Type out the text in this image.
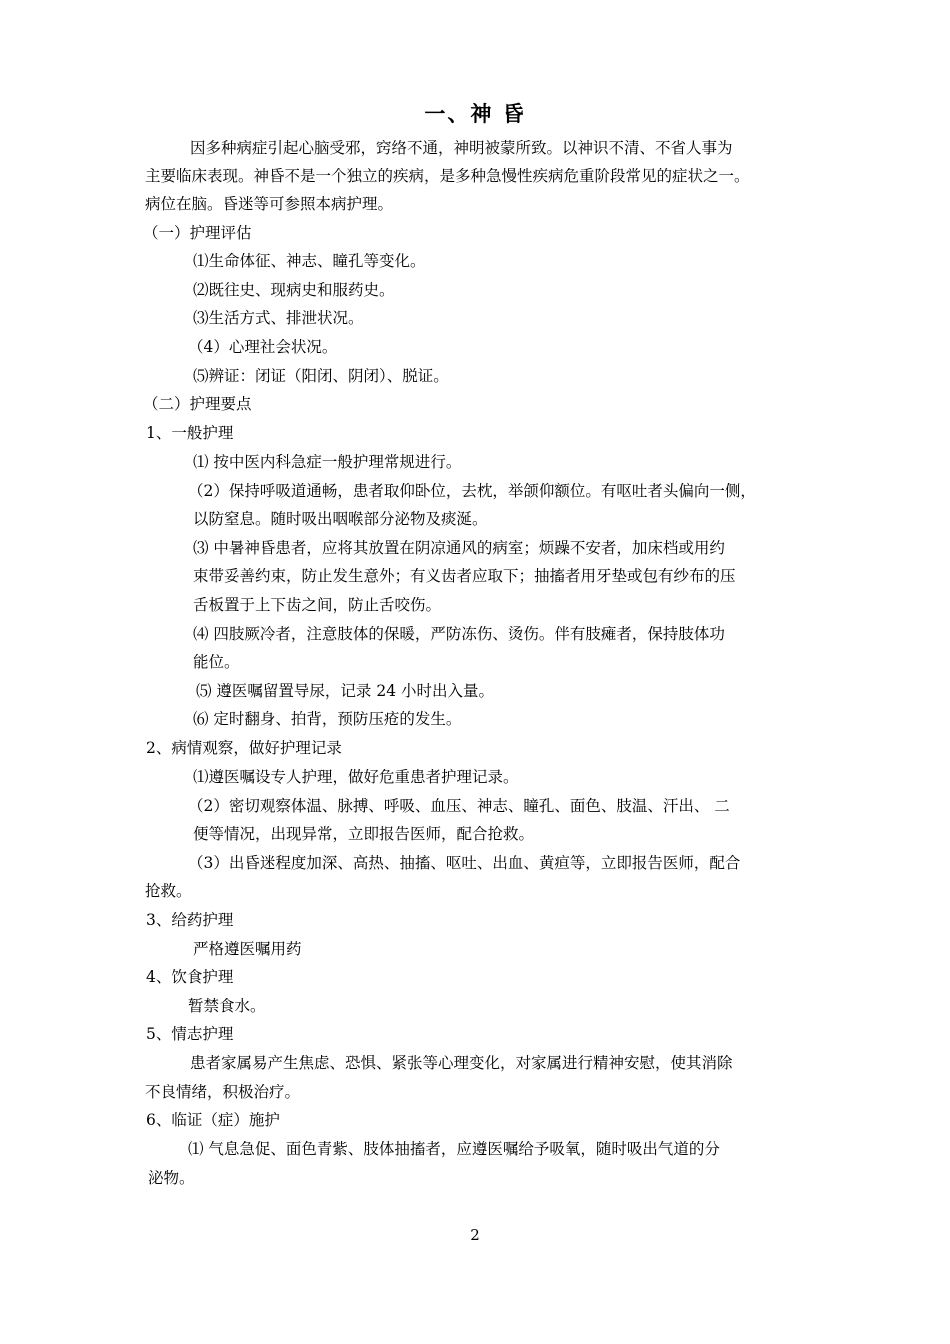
一、神 昏
因多种病症引起心脑受邪，窍络不通，神明被蒙所致。以神识不清、不省人事为
主要临床表现。神昏不是一个独立的疾病，是多种急慢性疾病危重阶段常见的症状之一。
病位在脑。昏迷等可参照本病护理。
（一）护理评估
⑴生命体征、神志、瞳孔等变化。
⑵既往史、现病史和服药史。
⑶生活方式、排泄状况。
（4）心理社会状况。
⑸辨证：闭证（阳闭、阴闭）、脱证。
（二）护理要点
1、一般护理
⑴ 按中医内科急症一般护理常规进行。
（2）保持呼吸道通畅，患者取仰卧位，去枕，举颌仰额位。有呕吐者头偏向一侧，
以防窒息。随时吸出咽喉部分泌物及痰涎。
⑶ 中暑神昏患者，应将其放置在阴凉通风的病室；烦躁不安者，加床档或用约
束带妥善约束，防止发生意外；有义齿者应取下；抽搐者用牙垫或包有纱布的压
舌板置于上下齿之间，防止舌咬伤。
⑷ 四肢厥冷者，注意肢体的保暖，严防冻伤、烫伤。伴有肢瘫者，保持肢体功
能位。
⑸ 遵医嘱留置导尿，记录 24 小时出入量。
⑹ 定时翻身、拍背，预防压疮的发生。
2、病情观察，做好护理记录
⑴遵医嘱设专人护理，做好危重患者护理记录。
（2）密切观察体温、脉搏、呼吸、血压、神志、瞳孔、面色、肢温、汗出、 二
便等情况，出现异常，立即报告医师，配合抢救。
（3）出昏迷程度加深、高热、抽搐、呕吐、出血、黄疸等，立即报告医师，配合
抢救。
3、给药护理
严格遵医嘱用药
4、饮食护理
暂禁食水。
5、情志护理
患者家属易产生焦虑、恐惧、紧张等心理变化，对家属进行精神安慰，使其消除
不良情绪，积极治疗。
6、临证（症）施护
⑴ 气息急促、面色青紫、肢体抽搐者，应遵医嘱给予吸氧，随时吸出气道的分
泌物。
2
